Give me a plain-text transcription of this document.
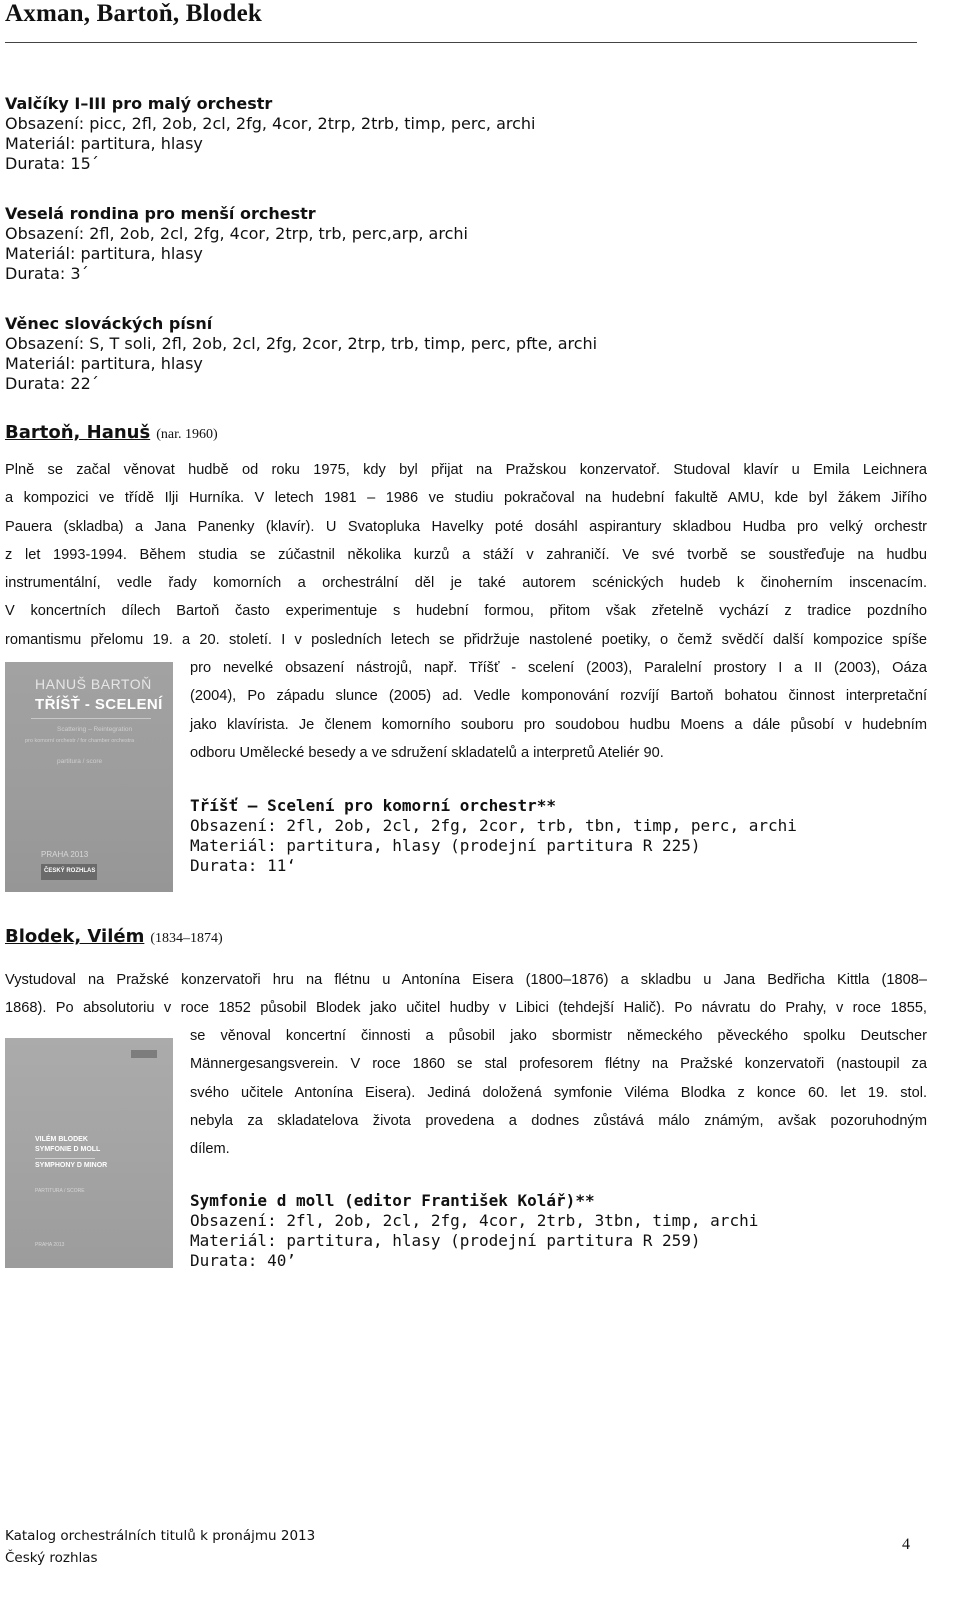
Axman, Bartoň, Blodek
Valčíky I–III pro malý orchestr
Obsazení: picc, 2fl, 2ob, 2cl, 2fg, 4cor, 2trp, 2trb, timp, perc, archi
Materiál: partitura, hlasy
Durata: 15´
Veselá rondina pro menší orchestr
Obsazení: 2fl, 2ob, 2cl, 2fg, 4cor, 2trp, trb, perc,arp, archi
Materiál: partitura, hlasy
Durata: 3´
Věnec slováckých písní
Obsazení: S, T soli, 2fl, 2ob, 2cl, 2fg, 2cor, 2trp, trb, timp, perc, pfte, archi
Materiál: partitura, hlasy
Durata: 22´
Bartoň, Hanuš (nar. 1960)
Plně se začal věnovat hudbě od roku 1975, kdy byl přijat na Pražskou konzervatoř. Studoval klavír u Emila Leichnera
a kompozici ve třídě Ilji Hurníka. V letech 1981 – 1986 ve studiu pokračoval na hudební fakultě AMU, kde byl žákem Jiřího
Pauera (skladba) a Jana Panenky (klavír). U Svatopluka Havelky poté dosáhl aspirantury skladbou Hudba pro velký orchestr
z let 1993-1994. Během studia se zúčastnil několika kurzů a stáží v zahraničí. Ve své tvorbě se soustřeďuje na hudbu
instrumentální, vedle řady komorních a orchestrální děl je také autorem scénických hudeb k činoherním inscenacím.
V koncertních dílech Bartoň často experimentuje s hudební formou, přitom však zřetelně vychází z tradice pozdního
romantismu přelomu 19. a 20. století. I v posledních letech se přidržuje nastolené poetiky, o čemž svědčí další kompozice spíše
HANUŠ BARTOŇ
TŘÍŠŤ - SCELENÍ
Scattering – Reintegration
pro komorní orchestr / for chamber orchestra
partitura / score
PRAHA 2013
ČESKÝ ROZHLAS
pro nevelké obsazení nástrojů, např. Tříšť - scelení (2003), Paralelní prostory I a II (2003), Oáza
(2004), Po západu slunce (2005) ad. Vedle komponování rozvíjí Bartoň bohatou činnost interpretační
jako klavírista. Je členem komorního souboru pro soudobou hudbu Moens a dále působí v hudebním
odboru Umělecké besedy a ve sdružení skladatelů a interpretů Ateliér 90.
Tříšť – Scelení pro komorní orchestr**
Obsazení: 2fl, 2ob, 2cl, 2fg, 2cor, trb, tbn, timp, perc, archi
Materiál: partitura, hlasy (prodejní partitura R 225)
Durata: 11‘
Blodek, Vilém (1834–1874)
Vystudoval na Pražské konzervatoři hru na flétnu u Antonína Eisera (1800–1876) a skladbu u Jana Bedřicha Kittla (1808–
1868). Po absolutoriu v roce 1852 působil Blodek jako učitel hudby v Libici (tehdejší Halič). Po návratu do Prahy, v roce 1855,
VILÉM BLODEK
SYMFONIE D MOLL
SYMPHONY D MINOR
PARTITURA / SCORE
PRAHA 2013
se věnoval koncertní činnosti a působil jako sbormistr německého pěveckého spolku Deutscher
Männergesangsverein. V roce 1860 se stal profesorem flétny na Pražské konzervatoři (nastoupil za
svého učitele Antonína Eisera). Jediná doložená symfonie Viléma Blodka z konce 60. let 19. stol.
nebyla za skladatelova života provedena a dodnes zůstává málo známým, avšak pozoruhodným
dílem.
Symfonie d moll (editor František Kolář)**
Obsazení: 2fl, 2ob, 2cl, 2fg, 4cor, 2trb, 3tbn, timp, archi
Materiál: partitura, hlasy (prodejní partitura R 259)
Durata: 40’
Katalog orchestrálních titulů k pronájmu 2013
Český rozhlas
4
